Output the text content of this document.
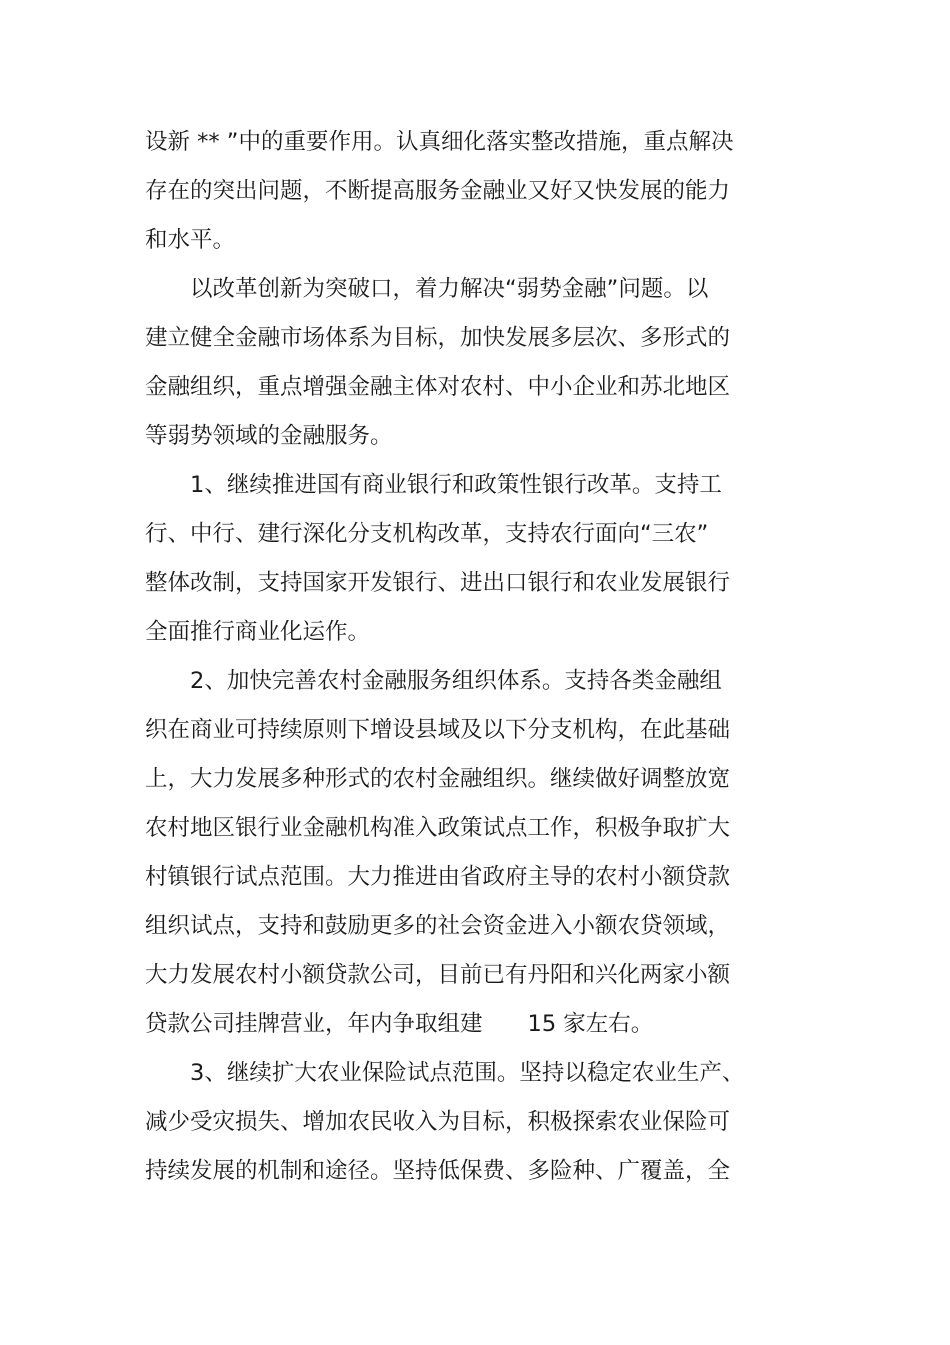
设新 ** ”中的重要作用。认真细化落实整改措施，重点解决
存在的突出问题，不断提高服务金融业又好又快发展的能力
和水平。

　　以改革创新为突破口，着力解决“弱势金融”问题。以
建立健全金融市场体系为目标，加快发展多层次、多形式的
金融组织，重点增强金融主体对农村、中小企业和苏北地区
等弱势领域的金融服务。

　　1、继续推进国有商业银行和政策性银行改革。支持工
行、中行、建行深化分支机构改革，支持农行面向“三农”
整体改制，支持国家开发银行、进出口银行和农业发展银行
全面推行商业化运作。

　　2、加快完善农村金融服务组织体系。支持各类金融组
织在商业可持续原则下增设县域及以下分支机构，在此基础
上，大力发展多种形式的农村金融组织。继续做好调整放宽
农村地区银行业金融机构准入政策试点工作，积极争取扩大
村镇银行试点范围。大力推进由省政府主导的农村小额贷款
组织试点，支持和鼓励更多的社会资金进入小额农贷领域，
大力发展农村小额贷款公司，目前已有丹阳和兴化两家小额
贷款公司挂牌营业，年内争取组建　　15 家左右。

　　3、继续扩大农业保险试点范围。坚持以稳定农业生产、
减少受灾损失、增加农民收入为目标，积极探索农业保险可
持续发展的机制和途径。坚持低保费、多险种、广覆盖，全
